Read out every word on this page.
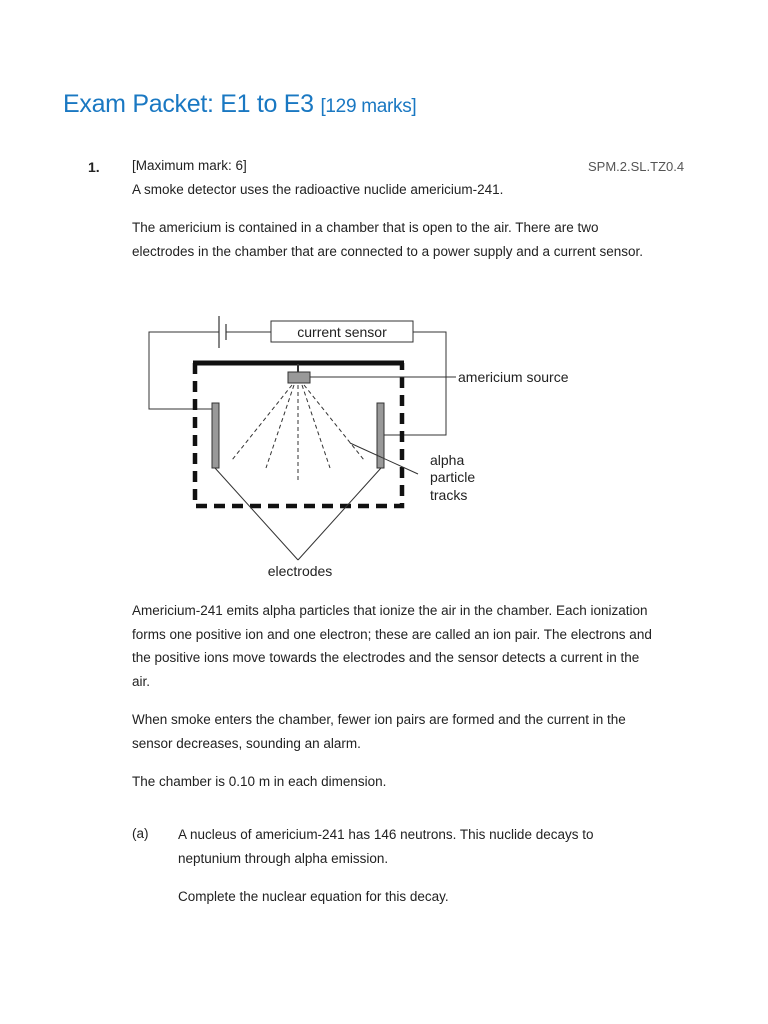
Exam Packet: E1 to E3 [129 marks]
1. [Maximum mark: 6]	SPM.2.SL.TZ0.4
A smoke detector uses the radioactive nuclide americium-241.

The americium is contained in a chamber that is open to the air. There are two electrodes in the chamber that are connected to a power supply and a current sensor.

current sensor
americium source
alpha
particle
tracks
electrodes

Americium-241 emits alpha particles that ionize the air in the chamber. Each ionization forms one positive ion and one electron; these are called an ion pair. The electrons and the positive ions move towards the electrodes and the sensor detects a current in the air.

When smoke enters the chamber, fewer ion pairs are formed and the current in the sensor decreases, sounding an alarm.

The chamber is 0.10 m in each dimension.

(a) A nucleus of americium-241 has 146 neutrons. This nuclide decays to neptunium through alpha emission.

Complete the nuclear equation for this decay.
